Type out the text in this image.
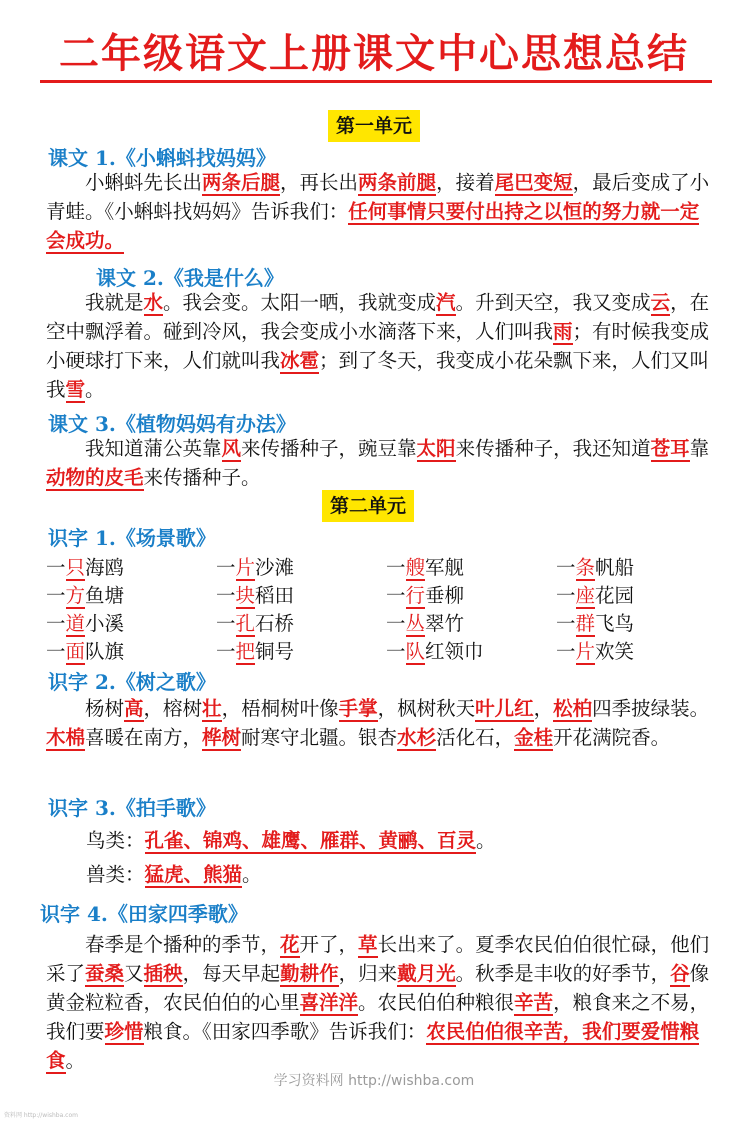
二年级语文上册课文中心思想总结
第一单元
课文 1.《小蝌蚪找妈妈》

小蝌蚪先长出两条后腿，再长出两条前腿，接着尾巴变短，最后变成了小青蛙。《小蝌蚪找妈妈》告诉我们：任何事情只要付出持之以恒的努力就一定会成功。

课文 2.《我是什么》

我就是水。我会变。太阳一晒，我就变成汽。升到天空，我又变成云，在空中飘浮着。碰到冷风，我会变成小水滴落下来，人们叫我雨；有时候我变成小硬球打下来，人们就叫我冰雹；到了冬天，我变成小花朵飘下来，人们又叫我雪。

课文 3.《植物妈妈有办法》

我知道蒲公英靠风来传播种子，豌豆靠太阳来传播种子，我还知道苍耳靠动物的皮毛来传播种子。

第二单元
识字 1.《场景歌》
一只海鸥	一片沙滩	一艘军舰	一条帆船
一方鱼塘	一块稻田	一行垂柳	一座花园
一道小溪	一孔石桥	一丛翠竹	一群飞鸟
一面队旗	一把铜号	一队红领巾	一片欢笑
识字 2.《树之歌》

杨树高，榕树壮，梧桐树叶像手掌，枫树秋天叶儿红，松柏四季披绿装。木棉喜暖在南方，桦树耐寒守北疆。银杏水杉活化石，金桂开花满院香。

识字 3.《拍手歌》
鸟类：孔雀、锦鸡、雄鹰、雁群、黄鹂、百灵。
兽类：猛虎、熊猫。
识字 4.《田家四季歌》

春季是个播种的季节，花开了，草长出来了。夏季农民伯伯很忙碌，他们采了蚕桑又插秧，每天早起勤耕作，归来戴月光。秋季是丰收的好季节，谷像黄金粒粒香，农民伯伯的心里喜洋洋。农民伯伯种粮很辛苦，粮食来之不易，我们要珍惜粮食。《田家四季歌》告诉我们：农民伯伯很辛苦，我们要爱惜粮食。

学习资料网 http://wishba.com
资料网 http://wishba.com
